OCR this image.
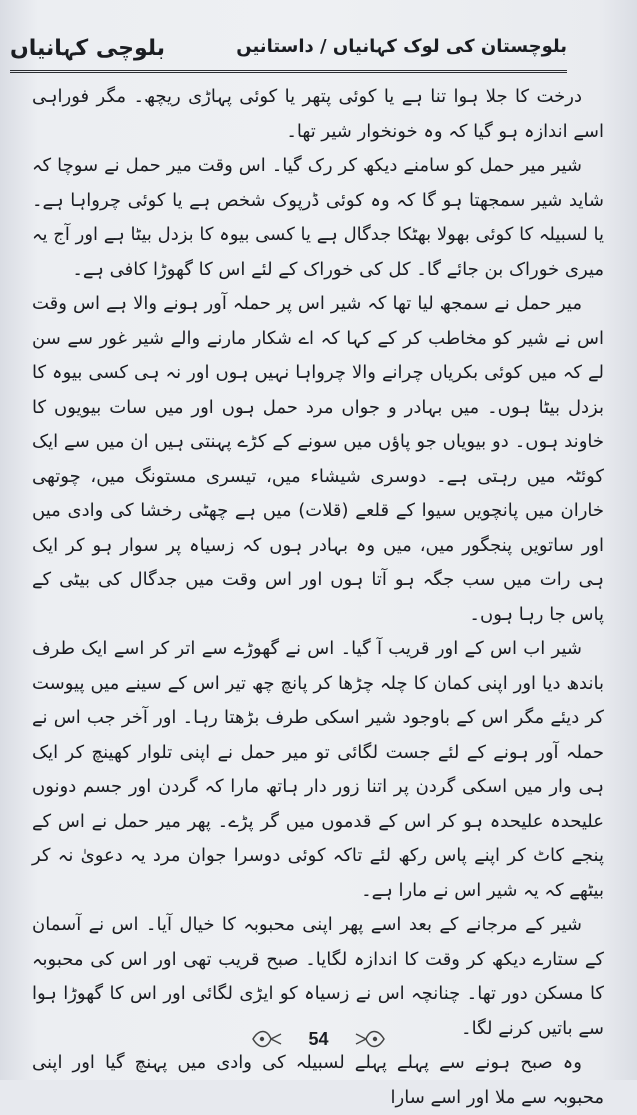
بلوچستان کی لوک کہانیاں / داستانیں
بلوچی کہانیاں

درخت کا جلا ہوا تنا ہے یا کوئی پتھر یا کوئی پہاڑی ریچھ۔ مگر فوراہی اسے اندازہ ہو گیا کہ وہ خونخوار شیر تھا۔

شیر میر حمل کو سامنے دیکھ کر رک گیا۔ اس وقت میر حمل نے سوچا کہ شاید شیر سمجھتا ہو گا کہ وہ کوئی ڈرپوک شخص ہے یا کوئی چرواہا ہے۔ یا لسبیلہ کا کوئی بھولا بھٹکا جدگال ہے یا کسی بیوہ کا بزدل بیٹا ہے اور آج یہ میری خوراک بن جائے گا۔ کل کی خوراک کے لئے اس کا گھوڑا کافی ہے۔

میر حمل نے سمجھ لیا تھا کہ شیر اس پر حملہ آور ہونے والا ہے اس وقت اس نے شیر کو مخاطب کر کے کہا کہ اے شکار مارنے والے شیر غور سے سن لے کہ میں کوئی بکریاں چرانے والا چرواہا نہیں ہوں اور نہ ہی کسی بیوہ کا بزدل بیٹا ہوں۔ میں بہادر و جواں مرد حمل ہوں اور میں سات بیویوں کا خاوند ہوں۔ دو بیویاں جو پاؤں میں سونے کے کڑے پہنتی ہیں ان میں سے ایک کوئٹہ میں رہتی ہے۔ دوسری شیشاء میں، تیسری مستونگ میں، چوتھی خاران میں پانچویں سیوا کے قلعے (قلات) میں ہے چھٹی رخشا کی وادی میں اور ساتویں پنجگور میں، میں وہ بہادر ہوں کہ زسیاہ پر سوار ہو کر ایک ہی رات میں سب جگہ ہو آتا ہوں اور اس وقت میں جدگال کی بیٹی کے پاس جا رہا ہوں۔

شیر اب اس کے اور قریب آ گیا۔ اس نے گھوڑے سے اتر کر اسے ایک طرف باندھ دیا اور اپنی کمان کا چلہ چڑھا کر پانچ چھ تیر اس کے سینے میں پیوست کر دیئے مگر اس کے باوجود شیر اسکی طرف بڑھتا رہا۔ اور آخر جب اس نے حملہ آور ہونے کے لئے جست لگائی تو میر حمل نے اپنی تلوار کھینچ کر ایک ہی وار میں اسکی گردن پر اتنا زور دار ہاتھ مارا کہ گردن اور جسم دونوں علیحدہ علیحدہ ہو کر اس کے قدموں میں گر پڑے۔ پھر میر حمل نے اس کے پنجے کاٹ کر اپنے پاس رکھ لئے تاکہ کوئی دوسرا جوان مرد یہ دعویٰ نہ کر بیٹھے کہ یہ شیر اس نے مارا ہے۔

شیر کے مرجانے کے بعد اسے پھر اپنی محبوبہ کا خیال آیا۔ اس نے آسمان کے ستارے دیکھ کر وقت کا اندازہ لگایا۔ صبح قریب تھی اور اس کی محبوبہ کا مسکن دور تھا۔ چنانچہ اس نے زسیاہ کو ایڑی لگائی اور اس کا گھوڑا ہوا سے باتیں کرنے لگا۔

وہ صبح ہونے سے پہلے پہلے لسبیلہ کی وادی میں پہنچ گیا اور اپنی محبوبہ سے ملا اور اسے سارا

54
